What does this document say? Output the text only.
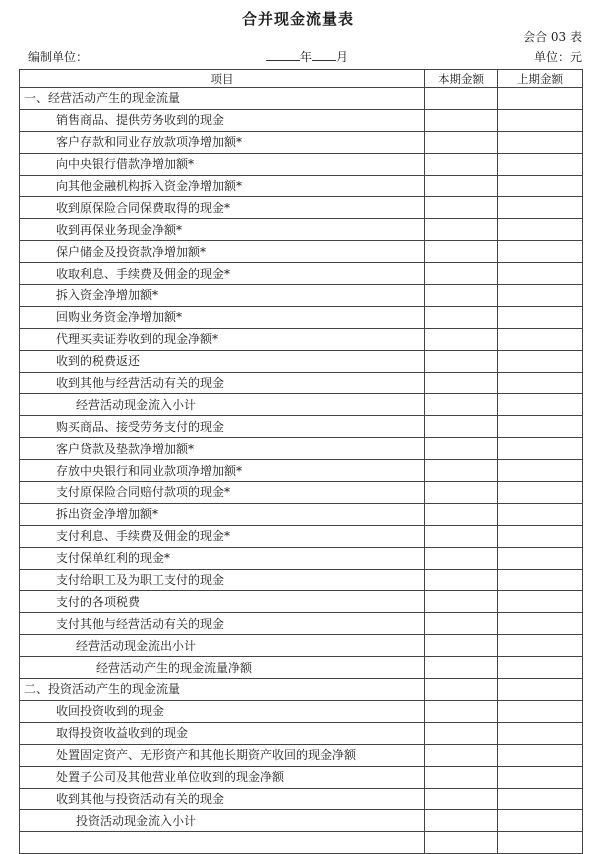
合并现金流量表
会合 03 表
编制单位：	年 月	单位：元
项目	本期金额	上期金额
一、经营活动产生的现金流量		
销售商品、提供劳务收到的现金		
客户存款和同业存放款项净增加额*		
向中央银行借款净增加额*		
向其他金融机构拆入资金净增加额*		
收到原保险合同保费取得的现金*		
收到再保业务现金净额*		
保户储金及投资款净增加额*		
收取利息、手续费及佣金的现金*		
拆入资金净增加额*		
回购业务资金净增加额*		
代理买卖证券收到的现金净额*		
收到的税费返还		
收到其他与经营活动有关的现金		
经营活动现金流入小计		
购买商品、接受劳务支付的现金		
客户贷款及垫款净增加额*		
存放中央银行和同业款项净增加额*		
支付原保险合同赔付款项的现金*		
拆出资金净增加额*		
支付利息、手续费及佣金的现金*		
支付保单红利的现金*		
支付给职工及为职工支付的现金		
支付的各项税费		
支付其他与经营活动有关的现金		
经营活动现金流出小计		
经营活动产生的现金流量净额		
二、投资活动产生的现金流量		
收回投资收到的现金		
取得投资收益收到的现金		
处置固定资产、无形资产和其他长期资产收回的现金净额		
处置子公司及其他营业单位收到的现金净额		
收到其他与投资活动有关的现金		
投资活动现金流入小计		
